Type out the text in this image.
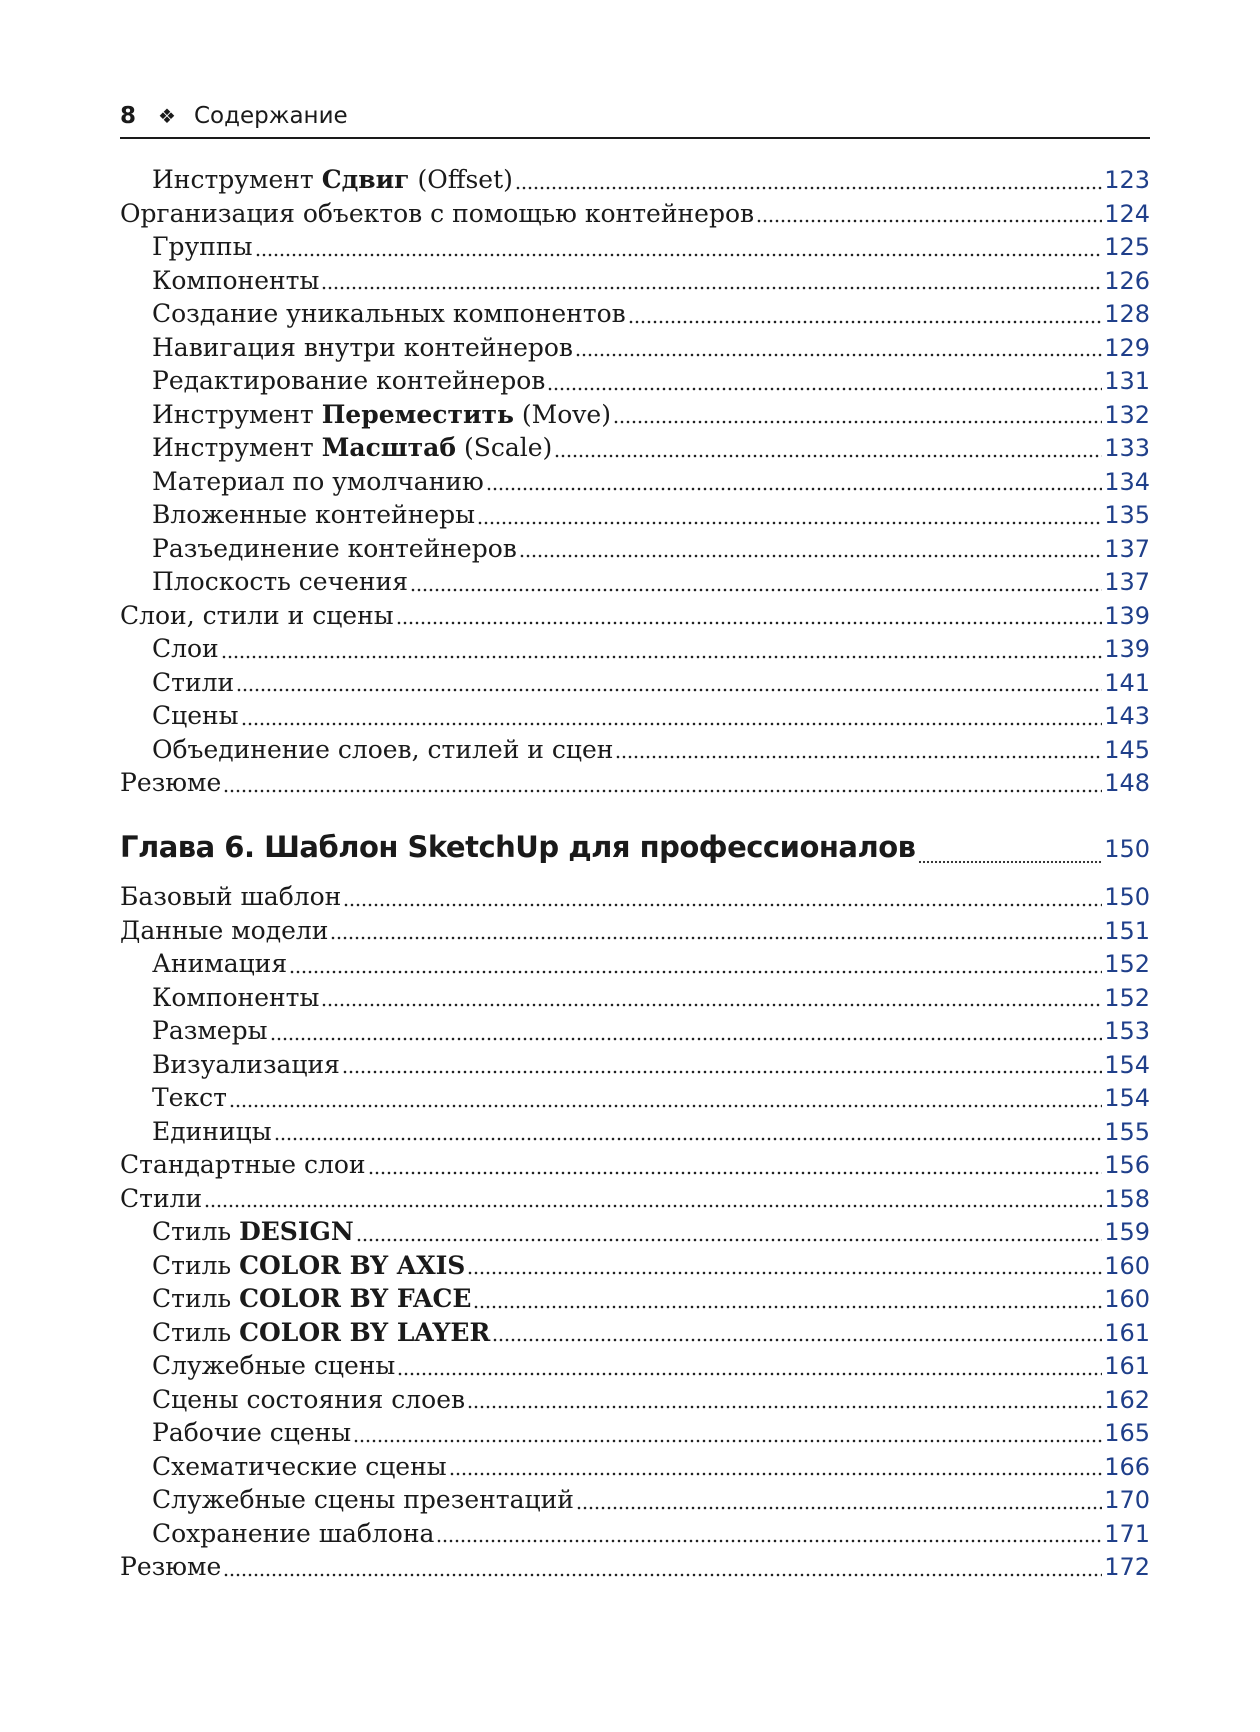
8 ❖ Содержание
Инструмент Сдвиг (Offset)	123
Организация объектов с помощью контейнеров	124
Группы	125
Компоненты	126
Создание уникальных компонентов	128
Навигация внутри контейнеров	129
Редактирование контейнеров	131
Инструмент Переместить (Move)	132
Инструмент Масштаб (Scale)	133
Материал по умолчанию	134
Вложенные контейнеры	135
Разъединение контейнеров	137
Плоскость сечения	137
Слои, стили и сцены	139
Слои	139
Стили	141
Сцены	143
Объединение слоев, стилей и сцен	145
Резюме	148
Глава 6. Шаблон SketchUp для профессионалов	150
Базовый шаблон	150
Данные модели	151
Анимация	152
Компоненты	152
Размеры	153
Визуализация	154
Текст	154
Единицы	155
Стандартные слои	156
Стили	158
Стиль DESIGN	159
Стиль COLOR BY AXIS	160
Стиль COLOR BY FACE	160
Стиль COLOR BY LAYER	161
Служебные сцены	161
Сцены состояния слоев	162
Рабочие сцены	165
Схематические сцены	166
Служебные сцены презентаций	170
Сохранение шаблона	171
Резюме	172
